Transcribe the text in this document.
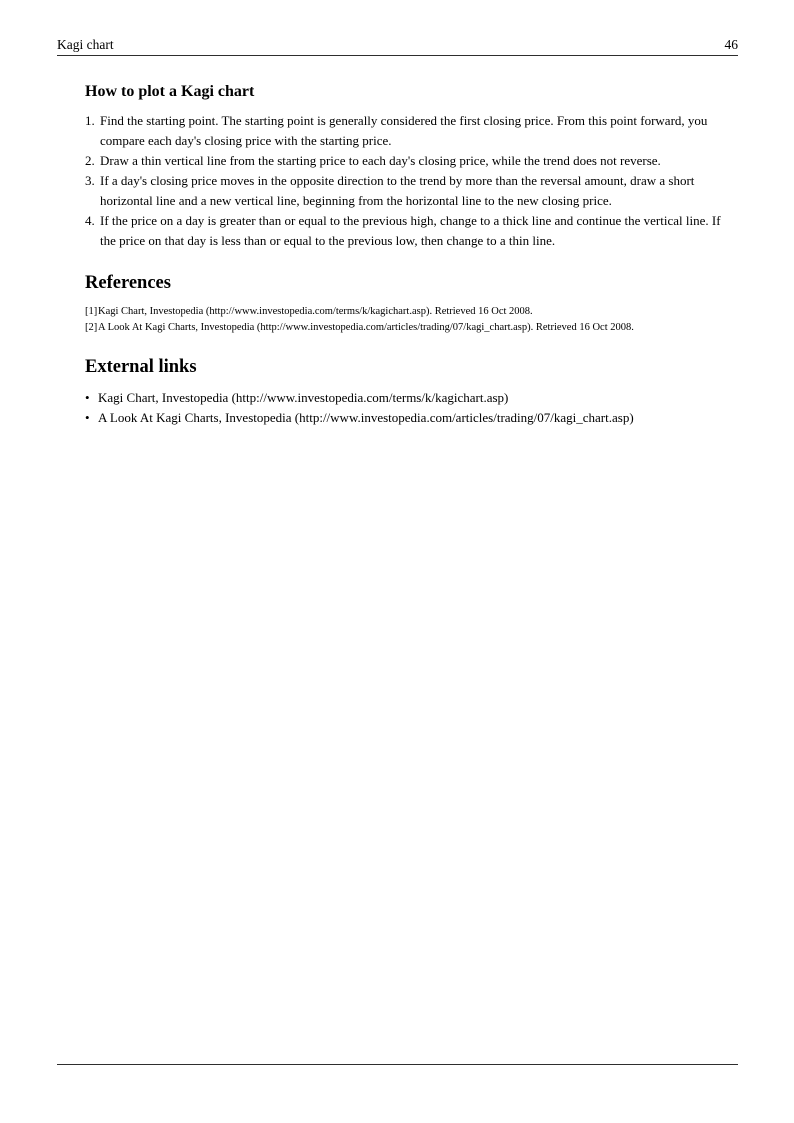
Kagi chart	46
How to plot a Kagi chart
1. Find the starting point. The starting point is generally considered the first closing price. From this point forward, you compare each day's closing price with the starting price.
2. Draw a thin vertical line from the starting price to each day's closing price, while the trend does not reverse.
3. If a day's closing price moves in the opposite direction to the trend by more than the reversal amount, draw a short horizontal line and a new vertical line, beginning from the horizontal line to the new closing price.
4. If the price on a day is greater than or equal to the previous high, change to a thick line and continue the vertical line. If the price on that day is less than or equal to the previous low, then change to a thin line.
References
[1] Kagi Chart, Investopedia (http://www.investopedia.com/terms/k/kagichart.asp). Retrieved 16 Oct 2008.
[2] A Look At Kagi Charts, Investopedia (http://www.investopedia.com/articles/trading/07/kagi_chart.asp). Retrieved 16 Oct 2008.
External links
• Kagi Chart, Investopedia (http://www.investopedia.com/terms/k/kagichart.asp)
• A Look At Kagi Charts, Investopedia (http://www.investopedia.com/articles/trading/07/kagi_chart.asp)
